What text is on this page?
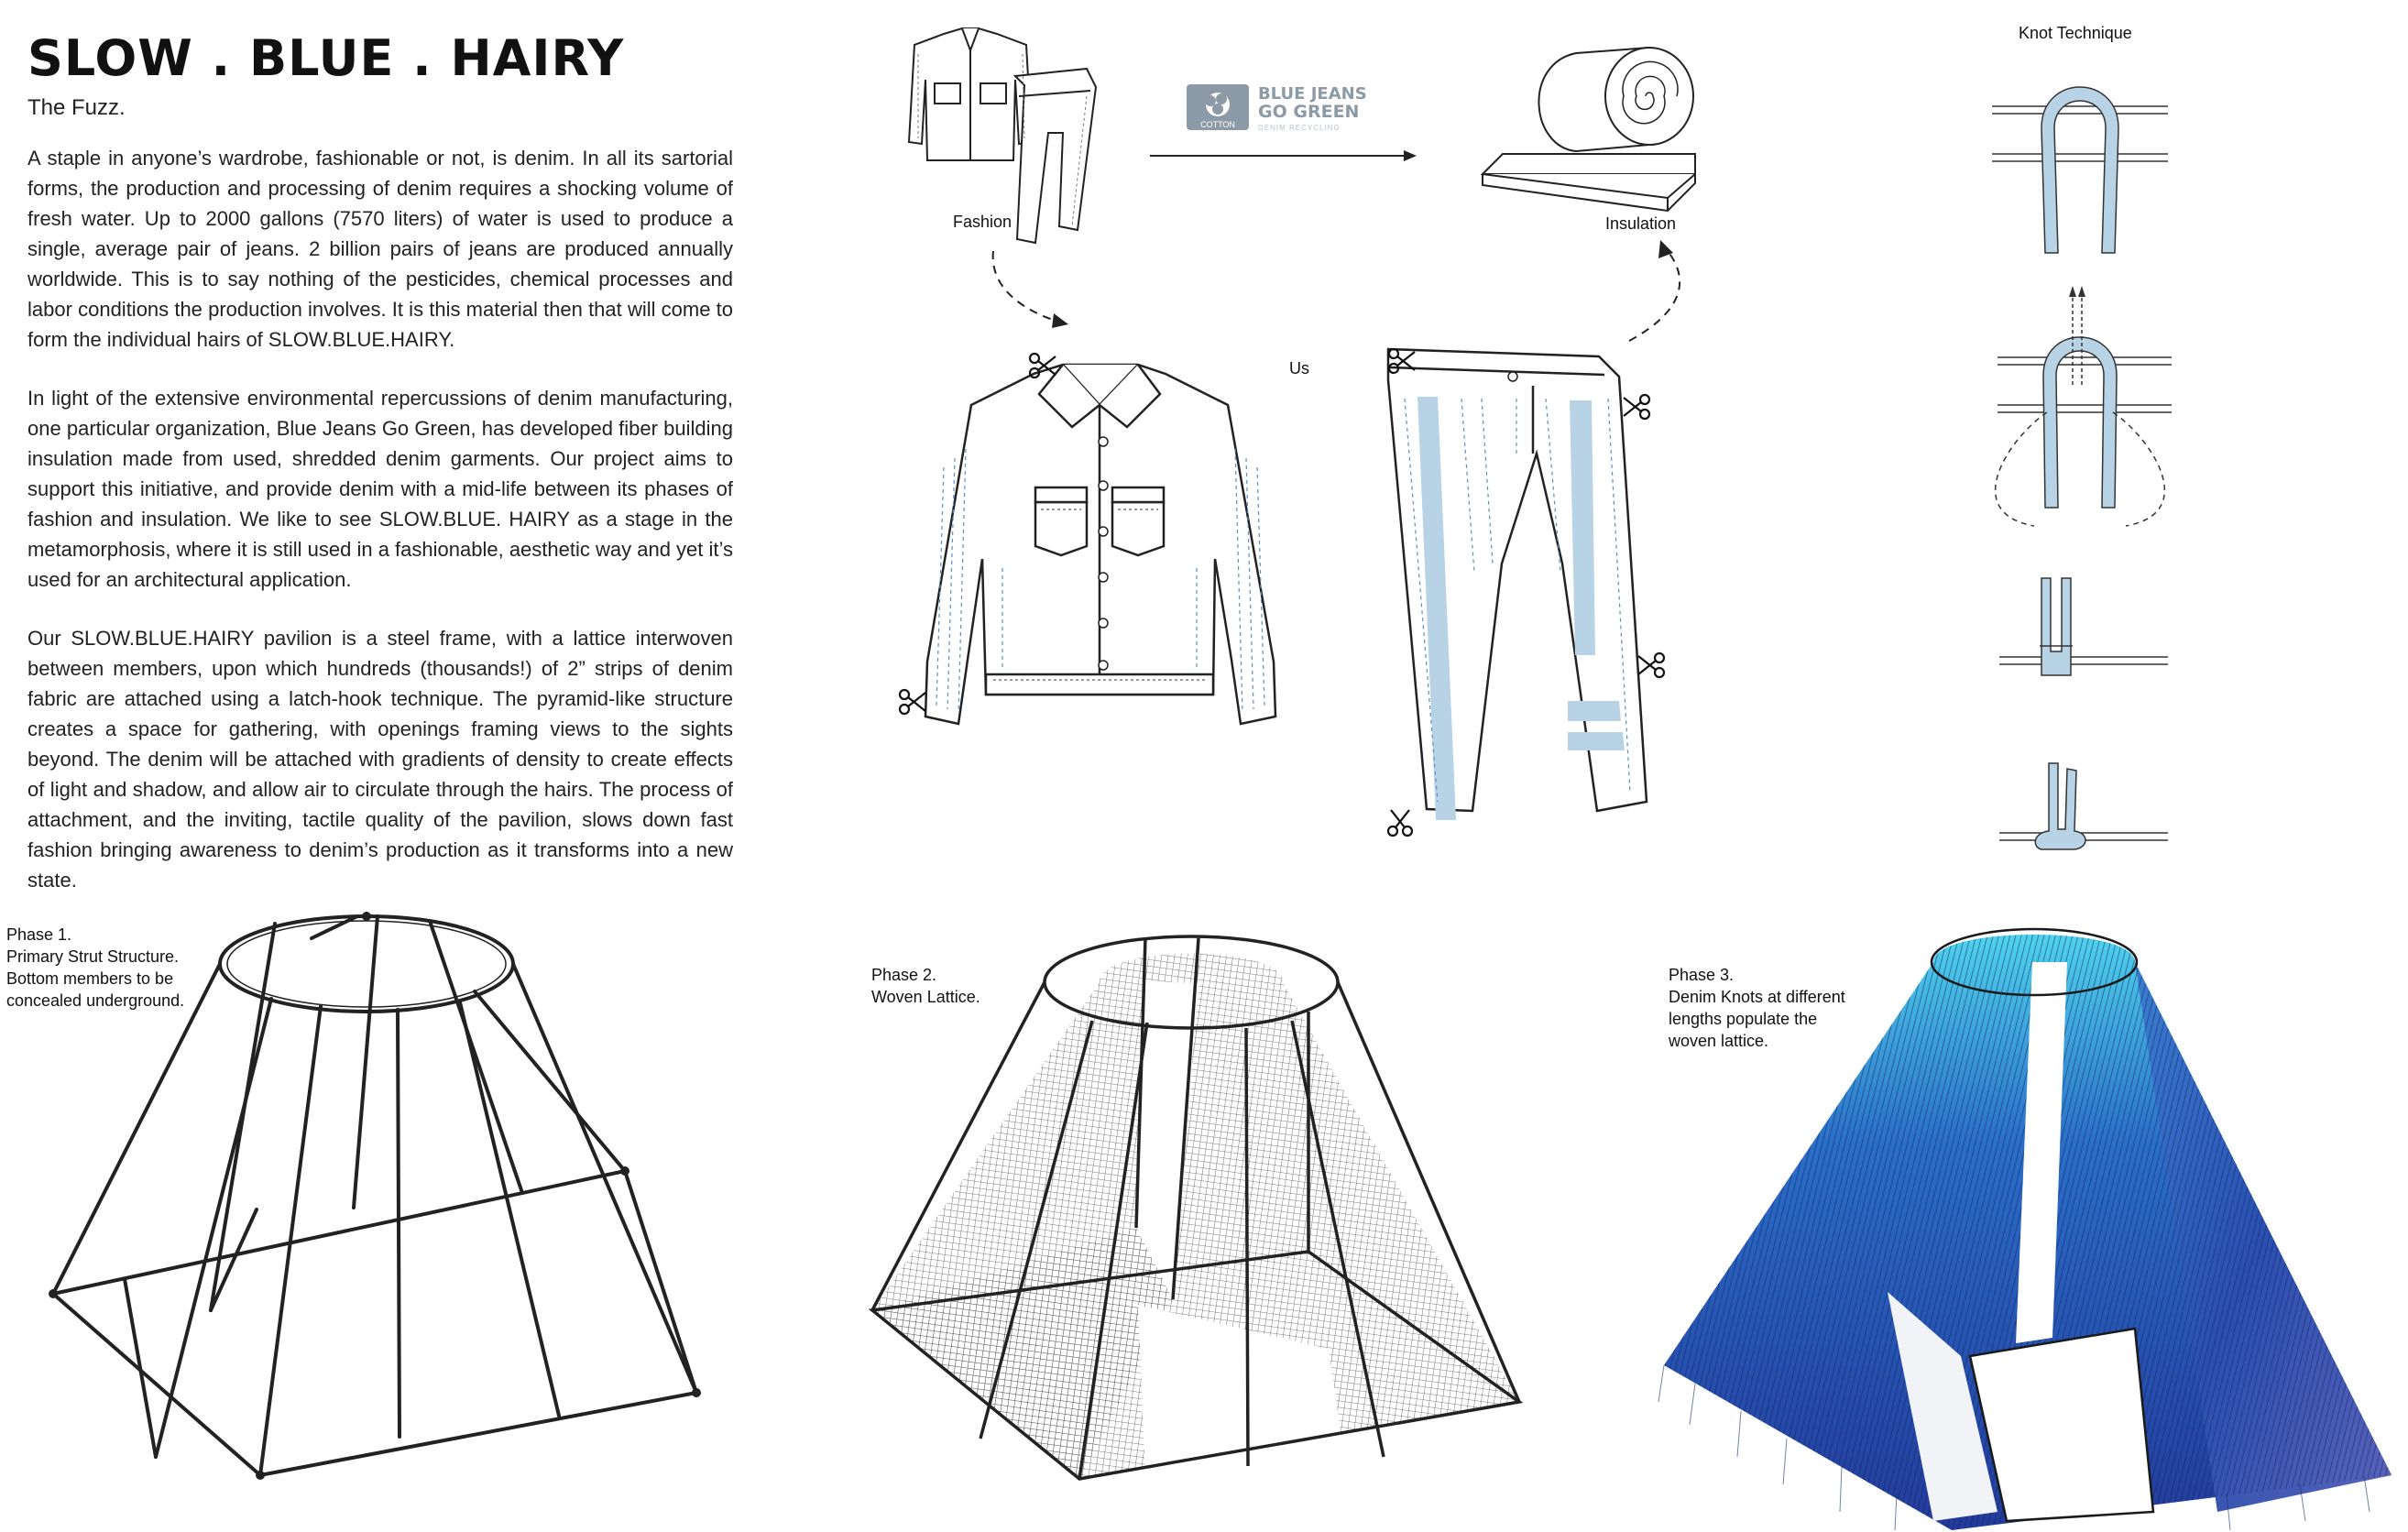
SLOW . BLUE . HAIRY
The Fuzz.

A staple in anyone’s wardrobe, fashionable or not, is denim. In all its sartorial forms, the production and processing of denim requires a shocking volume of fresh water. Up to 2000 gallons (7570 liters) of water is used to produce a single, average pair of jeans. 2 billion pairs of jeans are produced annually worldwide. This is to say nothing of the pesticides, chemical processes and labor conditions the production involves. It is this material then that will come to form the individual hairs of SLOW.BLUE.HAIRY.

In light of the extensive environmental repercussions of denim manufacturing, one particular organization, Blue Jeans Go Green, has developed fiber building insulation made from used, shredded denim garments. Our project aims to support this initiative, and provide denim with a mid-life between its phases of fashion and insulation. We like to see SLOW.BLUE. HAIRY as a stage in the metamorphosis, where it is still used in a fashionable, aesthetic way and yet it’s used for an architectural application.

Our SLOW.BLUE.HAIRY pavilion is a steel frame, with a lattice interwoven between members, upon which hundreds (thousands!) of 2” strips of denim fabric are attached using a latch-hook technique. The pyramid-like structure creates a space for gathering, with openings framing views to the sights beyond. The denim will be attached with gradients of density to create effects of light and shadow, and allow air to circulate through the hairs. The process of attachment, and the inviting, tactile quality of the pavilion, slows down fast fashion bringing awareness to denim’s production as it transforms into a new state.

Fashion
COTTON
BLUE JEANS
GO GREEN
DENIM RECYCLING
Insulation
Us
Knot Technique
Phase 1.
Primary Strut Structure.
Bottom members to be
concealed underground.
Phase 2.
Woven Lattice.
Phase 3.
Denim Knots at different
lengths populate the
woven lattice.
